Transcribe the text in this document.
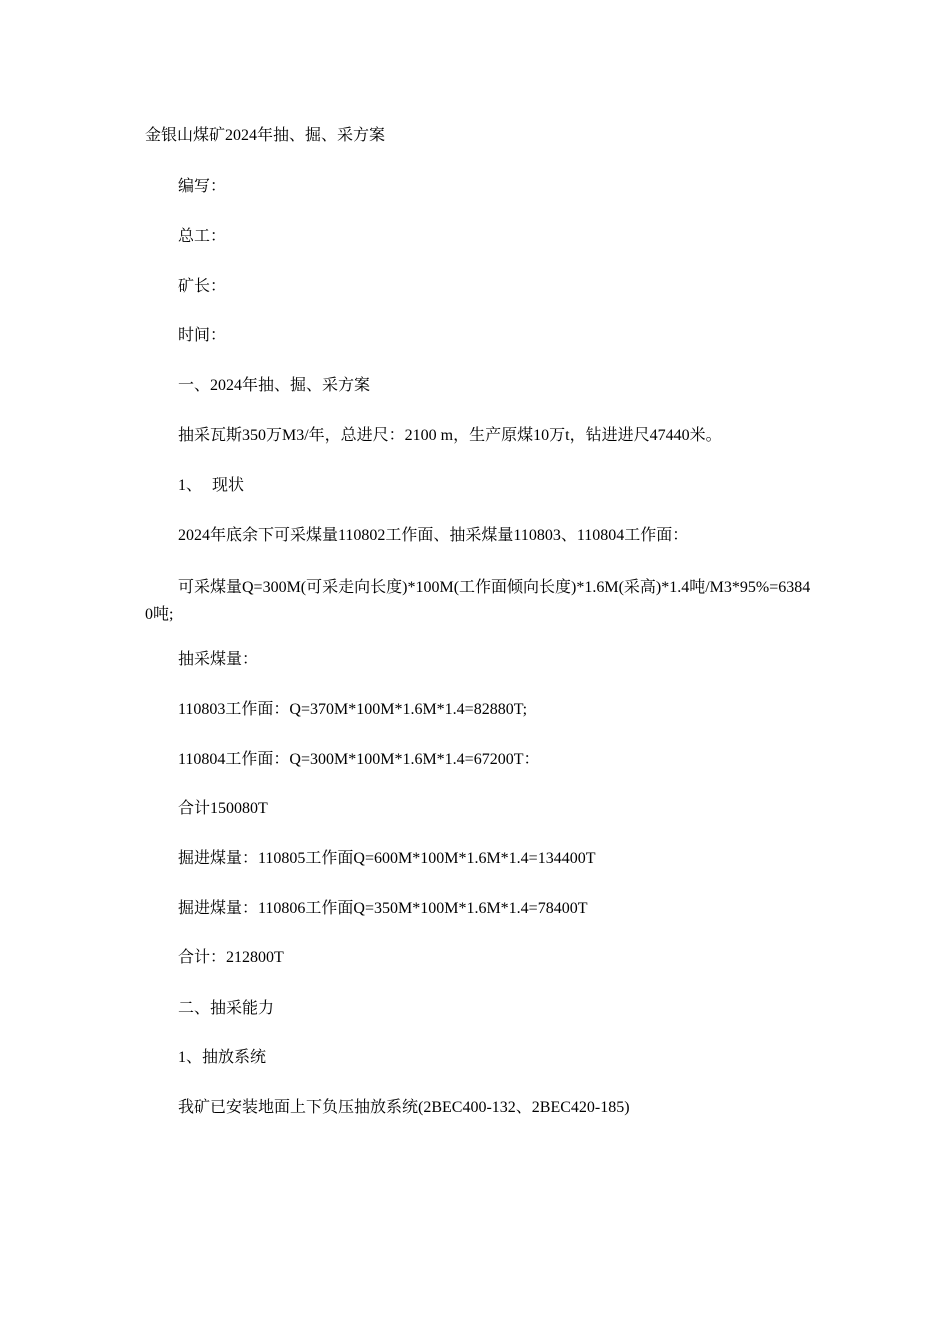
金银山煤矿2024年抽、掘、采方案
编写：
总工：
矿长：
时间：
一、2024年抽、掘、采方案
抽采瓦斯350万M3/年，总进尺：2100 m，生产原煤10万t，钻进进尺47440米。
1、 现状
2024年底余下可采煤量110802工作面、抽采煤量110803、110804工作面：
可采煤量Q=300M(可采走向长度)*100M(工作面倾向长度)*1.6M(采高)*1.4吨/M3*95%=63840吨;
抽采煤量：
110803工作面：Q=370M*100M*1.6M*1.4=82880T;
110804工作面：Q=300M*100M*1.6M*1.4=67200T：
合计150080T
掘进煤量：110805工作面Q=600M*100M*1.6M*1.4=134400T
掘进煤量：110806工作面Q=350M*100M*1.6M*1.4=78400T
合计：212800T
二、抽采能力
1、抽放系统
我矿已安装地面上下负压抽放系统(2BEC400-132、2BEC420-185)
